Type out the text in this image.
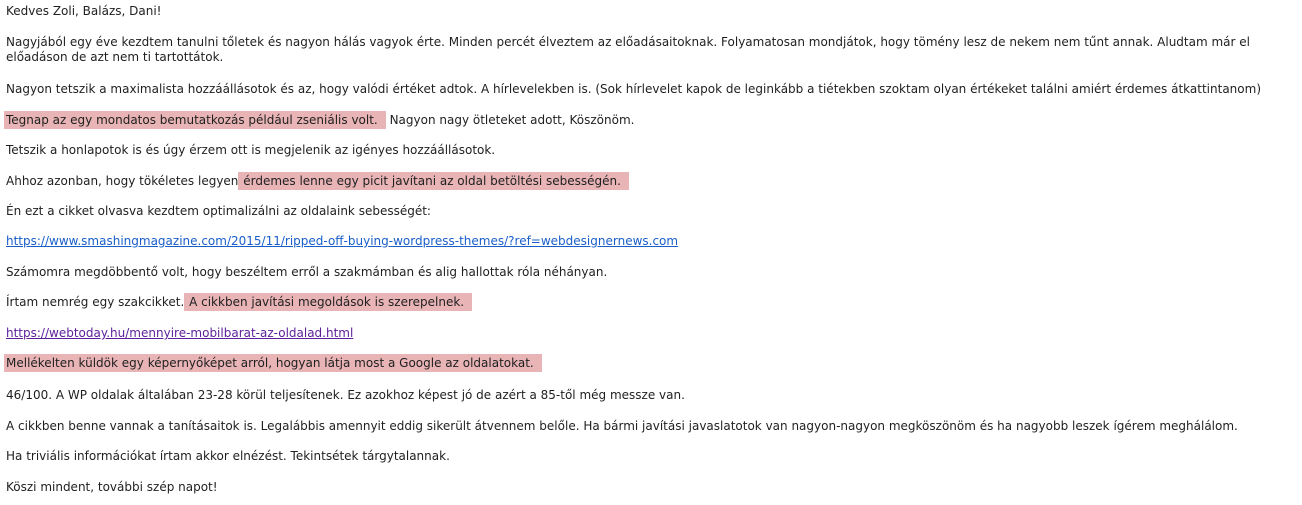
Kedves Zoli, Balázs, Dani!

Nagyjából egy éve kezdtem tanulni tőletek és nagyon hálás vagyok érte. Minden percét élveztem az előadásaitoknak. Folyamatosan mondjátok, hogy tömény lesz de nekem nem tűnt annak. Aludtam már el előadáson de azt nem ti tartottátok.

Nagyon tetszik a maximalista hozzáállásotok és az, hogy valódi értéket adtok. A hírlevelekben is. (Sok hírlevelet kapok de leginkább a tiétekben szoktam olyan értékeket találni amiért érdemes átkattintanom)

Tegnap az egy mondatos bemutatkozás például zseniális volt. Nagyon nagy ötleteket adott, Köszönöm.

Tetszik a honlapotok is és úgy érzem ott is megjelenik az igényes hozzáállásotok.

Ahhoz azonban, hogy tökéletes legyen érdemes lenne egy picit javítani az oldal betöltési sebességén.

Én ezt a cikket olvasva kezdtem optimalizálni az oldalaink sebességét:

https://www.smashingmagazine.com/2015/11/ripped-off-buying-wordpress-themes/?ref=webdesignernews.com

Számomra megdöbbentő volt, hogy beszéltem erről a szakmámban és alig hallottak róla néhányan.

Írtam nemrég egy szakcikket. A cikkben javítási megoldások is szerepelnek.

https://webtoday.hu/mennyire-mobilbarat-az-oldalad.html

Mellékelten küldök egy képernyőképet arról, hogyan látja most a Google az oldalatokat.

46/100. A WP oldalak általában 23-28 körül teljesítenek. Ez azokhoz képest jó de azért a 85-től még messze van.

A cikkben benne vannak a tanításaitok is. Legalábbis amennyit eddig sikerült átvennem belőle. Ha bármi javítási javaslatotok van nagyon-nagyon megköszönöm és ha nagyobb leszek ígérem meghálálom.

Ha triviális információkat írtam akkor elnézést. Tekintsétek tárgytalannak.

Köszi mindent, további szép napot!
